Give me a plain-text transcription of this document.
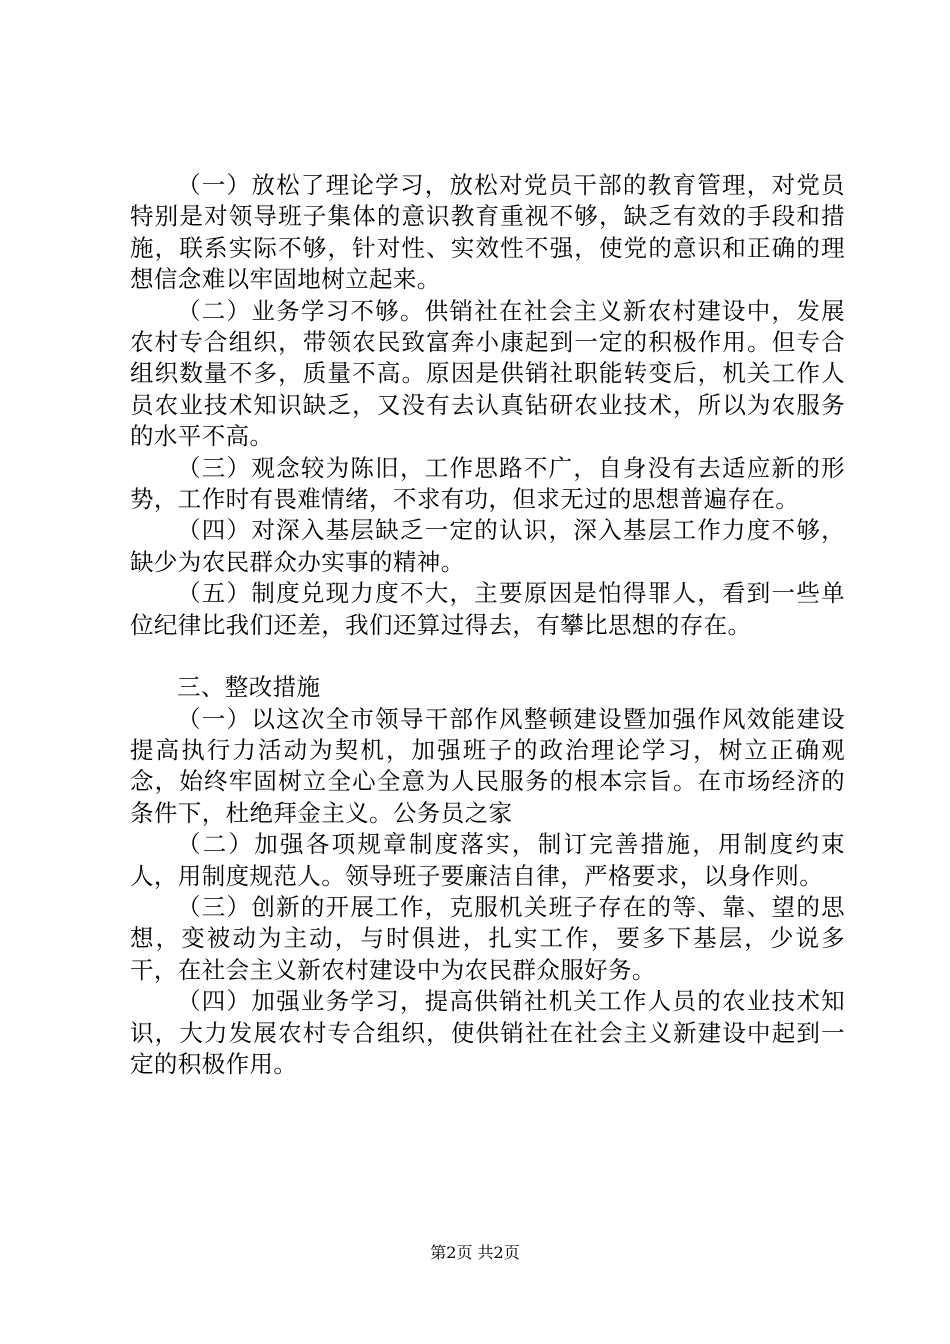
（一）放松了理论学习，放松对党员干部的教育管理，对党员特别是对领导班子集体的意识教育重视不够，缺乏有效的手段和措施，联系实际不够，针对性、实效性不强，使党的意识和正确的理想信念难以牢固地树立起来。

（二）业务学习不够。供销社在社会主义新农村建设中，发展农村专合组织，带领农民致富奔小康起到一定的积极作用。但专合组织数量不多，质量不高。原因是供销社职能转变后，机关工作人员农业技术知识缺乏，又没有去认真钻研农业技术，所以为农服务的水平不高。

（三）观念较为陈旧，工作思路不广，自身没有去适应新的形势，工作时有畏难情绪，不求有功，但求无过的思想普遍存在。

（四）对深入基层缺乏一定的认识，深入基层工作力度不够，缺少为农民群众办实事的精神。

（五）制度兑现力度不大，主要原因是怕得罪人，看到一些单位纪律比我们还差，我们还算过得去，有攀比思想的存在。

三、整改措施

（一）以这次全市领导干部作风整顿建设暨加强作风效能建设提高执行力活动为契机，加强班子的政治理论学习，树立正确观念，始终牢固树立全心全意为人民服务的根本宗旨。在市场经济的条件下，杜绝拜金主义。公务员之家

（二）加强各项规章制度落实，制订完善措施，用制度约束人，用制度规范人。领导班子要廉洁自律，严格要求，以身作则。

（三）创新的开展工作，克服机关班子存在的等、靠、望的思想，变被动为主动，与时俱进，扎实工作，要多下基层，少说多干，在社会主义新农村建设中为农民群众服好务。

（四）加强业务学习，提高供销社机关工作人员的农业技术知识，大力发展农村专合组织，使供销社在社会主义新建设中起到一定的积极作用。

第2页 共2页
